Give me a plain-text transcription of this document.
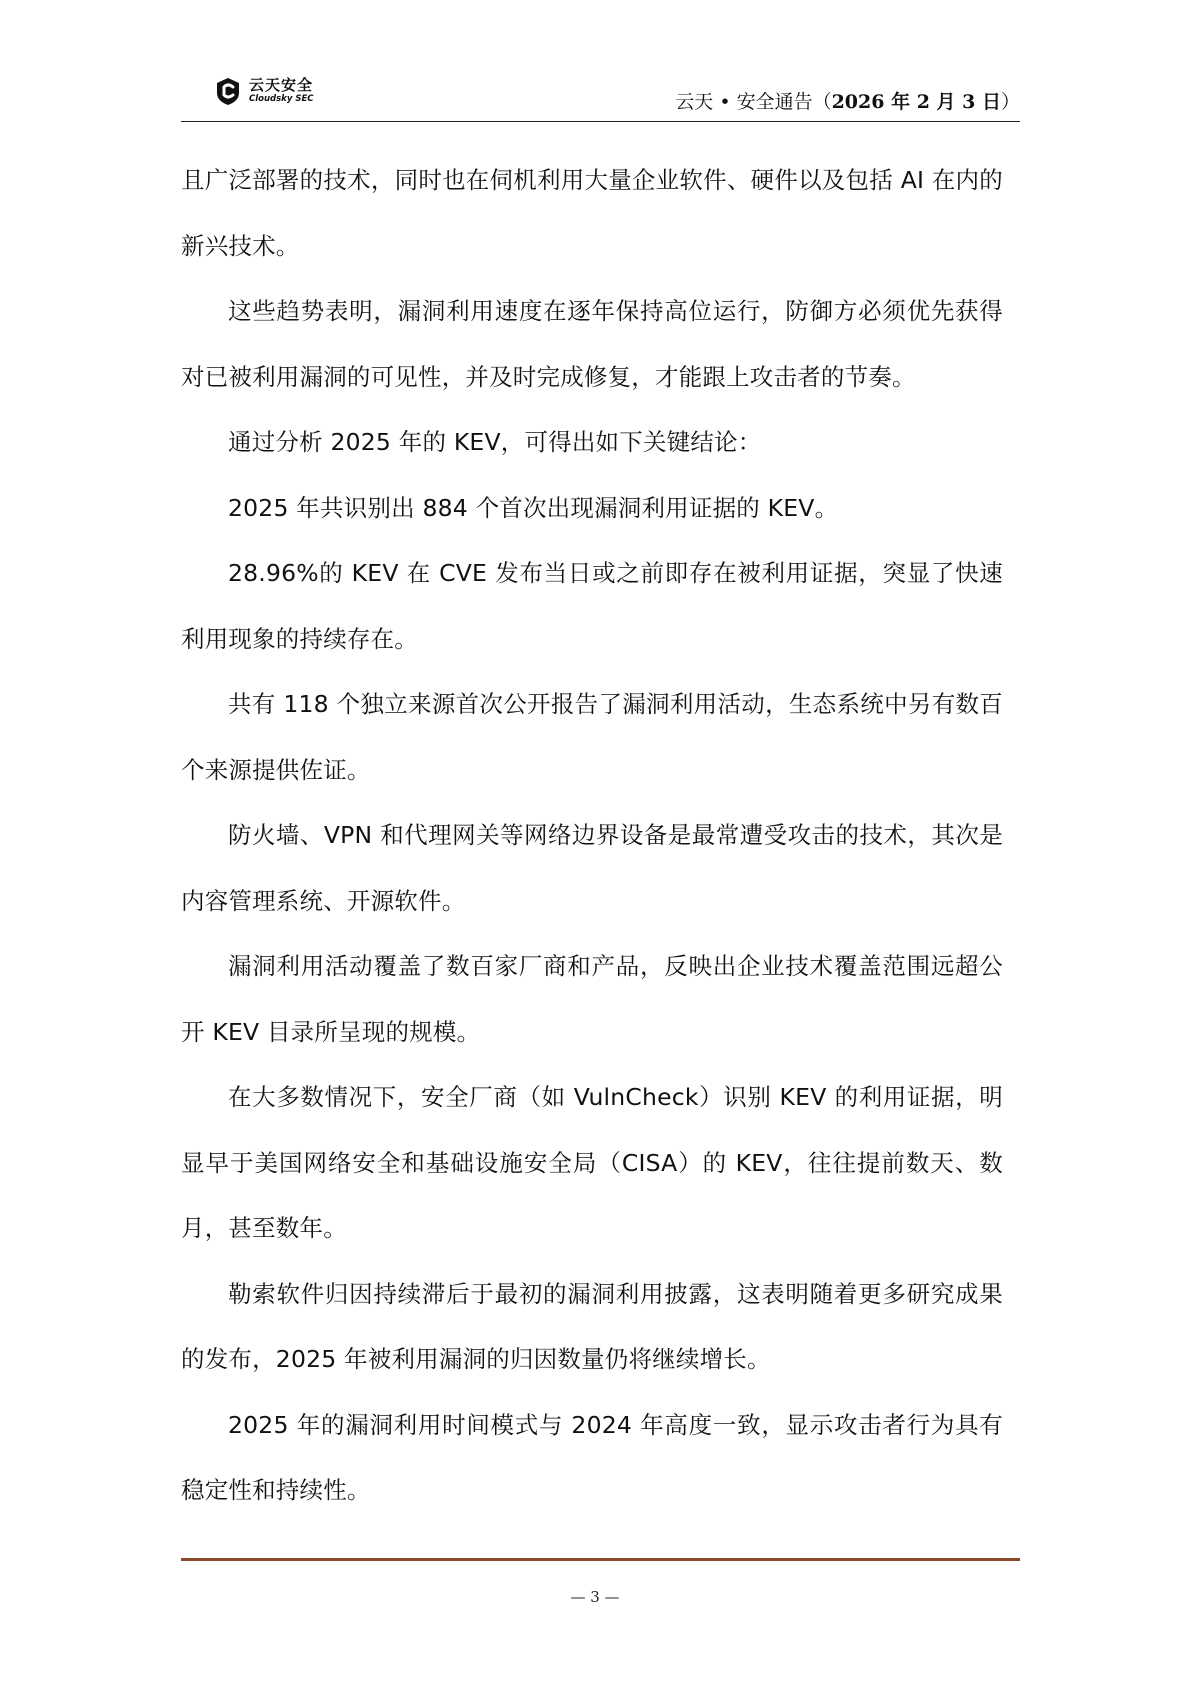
云天安全
Cloudsky SEC	云天 • 安全通告（2026 年 2 月 3 日）

且广泛部署的技术，同时也在伺机利用大量企业软件、硬件以及包括 AI 在内的新兴技术。

这些趋势表明，漏洞利用速度在逐年保持高位运行，防御方必须优先获得对已被利用漏洞的可见性，并及时完成修复，才能跟上攻击者的节奏。

通过分析 2025 年的 KEV，可得出如下关键结论：

2025 年共识别出 884 个首次出现漏洞利用证据的 KEV。

28.96%的 KEV 在 CVE 发布当日或之前即存在被利用证据，突显了快速利用现象的持续存在。

共有 118 个独立来源首次公开报告了漏洞利用活动，生态系统中另有数百个来源提供佐证。

防火墙、VPN 和代理网关等网络边界设备是最常遭受攻击的技术，其次是内容管理系统、开源软件。

漏洞利用活动覆盖了数百家厂商和产品，反映出企业技术覆盖范围远超公开 KEV 目录所呈现的规模。

在大多数情况下，安全厂商（如 VulnCheck）识别 KEV 的利用证据，明显早于美国网络安全和基础设施安全局（CISA）的 KEV，往往提前数天、数月，甚至数年。

勒索软件归因持续滞后于最初的漏洞利用披露，这表明随着更多研究成果的发布，2025 年被利用漏洞的归因数量仍将继续增长。

2025 年的漏洞利用时间模式与 2024 年高度一致，显示攻击者行为具有稳定性和持续性。

— 3 —
